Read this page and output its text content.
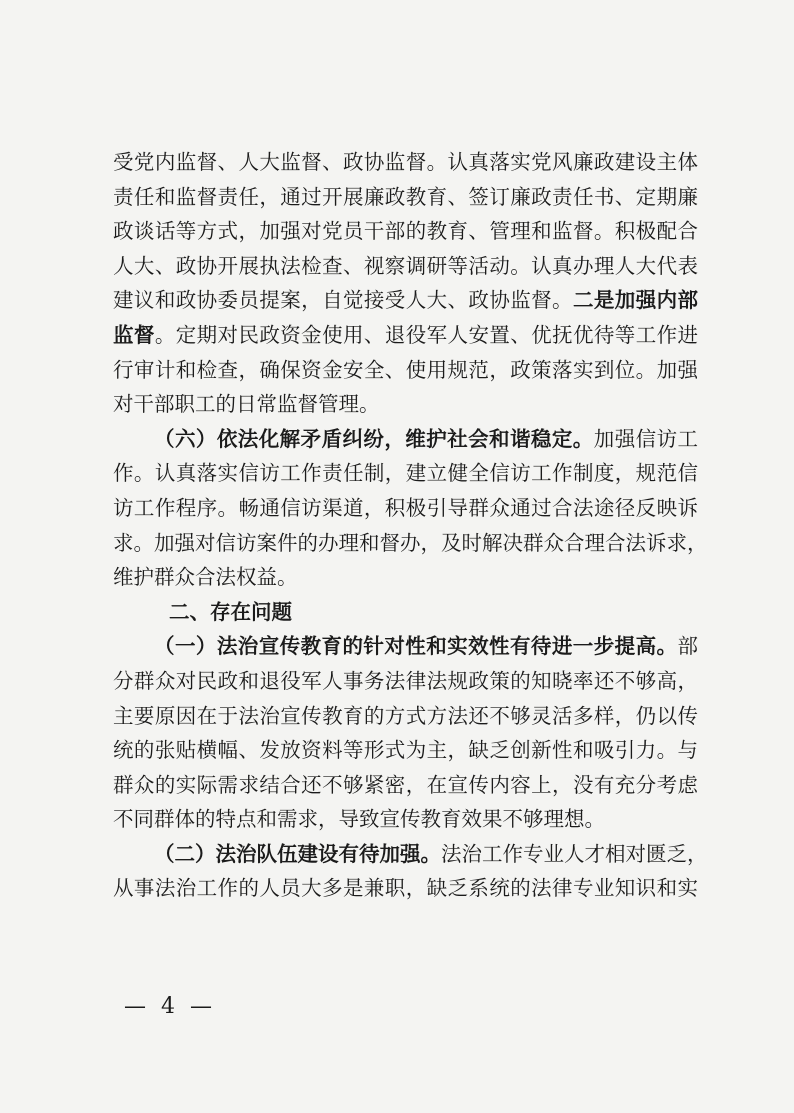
受党内监督、人大监督、政协监督。认真落实党风廉政建设主体
责任和监督责任，通过开展廉政教育、签订廉政责任书、定期廉
政谈话等方式，加强对党员干部的教育、管理和监督。积极配合
人大、政协开展执法检查、视察调研等活动。认真办理人大代表
建议和政协委员提案，自觉接受人大、政协监督。二是加强内部
监督。定期对民政资金使用、退役军人安置、优抚优待等工作进
行审计和检查，确保资金安全、使用规范，政策落实到位。加强
对干部职工的日常监督管理。
（六）依法化解矛盾纠纷，维护社会和谐稳定。加强信访工
作。认真落实信访工作责任制，建立健全信访工作制度，规范信
访工作程序。畅通信访渠道，积极引导群众通过合法途径反映诉
求。加强对信访案件的办理和督办，及时解决群众合理合法诉求，
维护群众合法权益。
二、存在问题
（一）法治宣传教育的针对性和实效性有待进一步提高。部
分群众对民政和退役军人事务法律法规政策的知晓率还不够高，
主要原因在于法治宣传教育的方式方法还不够灵活多样，仍以传
统的张贴横幅、发放资料等形式为主，缺乏创新性和吸引力。与
群众的实际需求结合还不够紧密，在宣传内容上，没有充分考虑
不同群体的特点和需求，导致宣传教育效果不够理想。
（二）法治队伍建设有待加强。法治工作专业人才相对匮乏，
从事法治工作的人员大多是兼职，缺乏系统的法律专业知识和实
— 4 —
